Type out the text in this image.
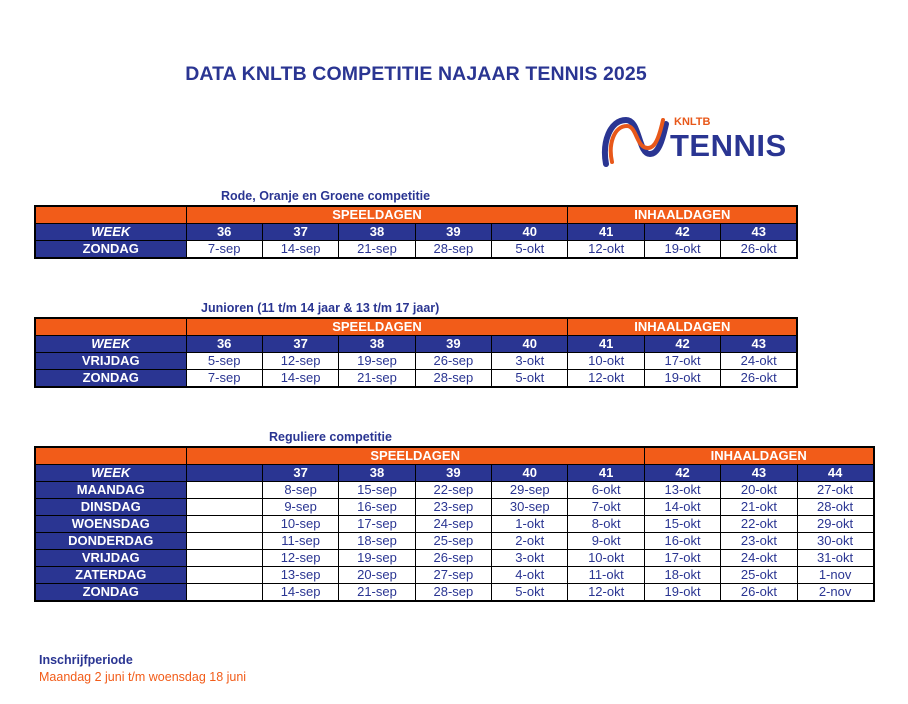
DATA KNLTB COMPETITIE NAJAAR TENNIS 2025
KNLTB
TENNIS
Rode, Oranje en Groene competitie
	SPEELDAGEN					INHAALDAGEN		
WEEK	36	37	38	39	40	41	42	43
ZONDAG	7-sep	14-sep	21-sep	28-sep	5-okt	12-okt	19-okt	26-okt
Junioren (11 t/m 14 jaar & 13 t/m 17 jaar)
	SPEELDAGEN					INHAALDAGEN		
WEEK	36	37	38	39	40	41	42	43
VRIJDAG	5-sep	12-sep	19-sep	26-sep	3-okt	10-okt	17-okt	24-okt
ZONDAG	7-sep	14-sep	21-sep	28-sep	5-okt	12-okt	19-okt	26-okt
Reguliere competitie
	SPEELDAGEN						INHAALDAGEN		
WEEK		37	38	39	40	41	42	43	44
MAANDAG		8-sep	15-sep	22-sep	29-sep	6-okt	13-okt	20-okt	27-okt
DINSDAG		9-sep	16-sep	23-sep	30-sep	7-okt	14-okt	21-okt	28-okt
WOENSDAG		10-sep	17-sep	24-sep	1-okt	8-okt	15-okt	22-okt	29-okt
DONDERDAG		11-sep	18-sep	25-sep	2-okt	9-okt	16-okt	23-okt	30-okt
VRIJDAG		12-sep	19-sep	26-sep	3-okt	10-okt	17-okt	24-okt	31-okt
ZATERDAG		13-sep	20-sep	27-sep	4-okt	11-okt	18-okt	25-okt	1-nov
ZONDAG		14-sep	21-sep	28-sep	5-okt	12-okt	19-okt	26-okt	2-nov
Inschrijfperiode
Maandag 2 juni t/m woensdag 18 juni
